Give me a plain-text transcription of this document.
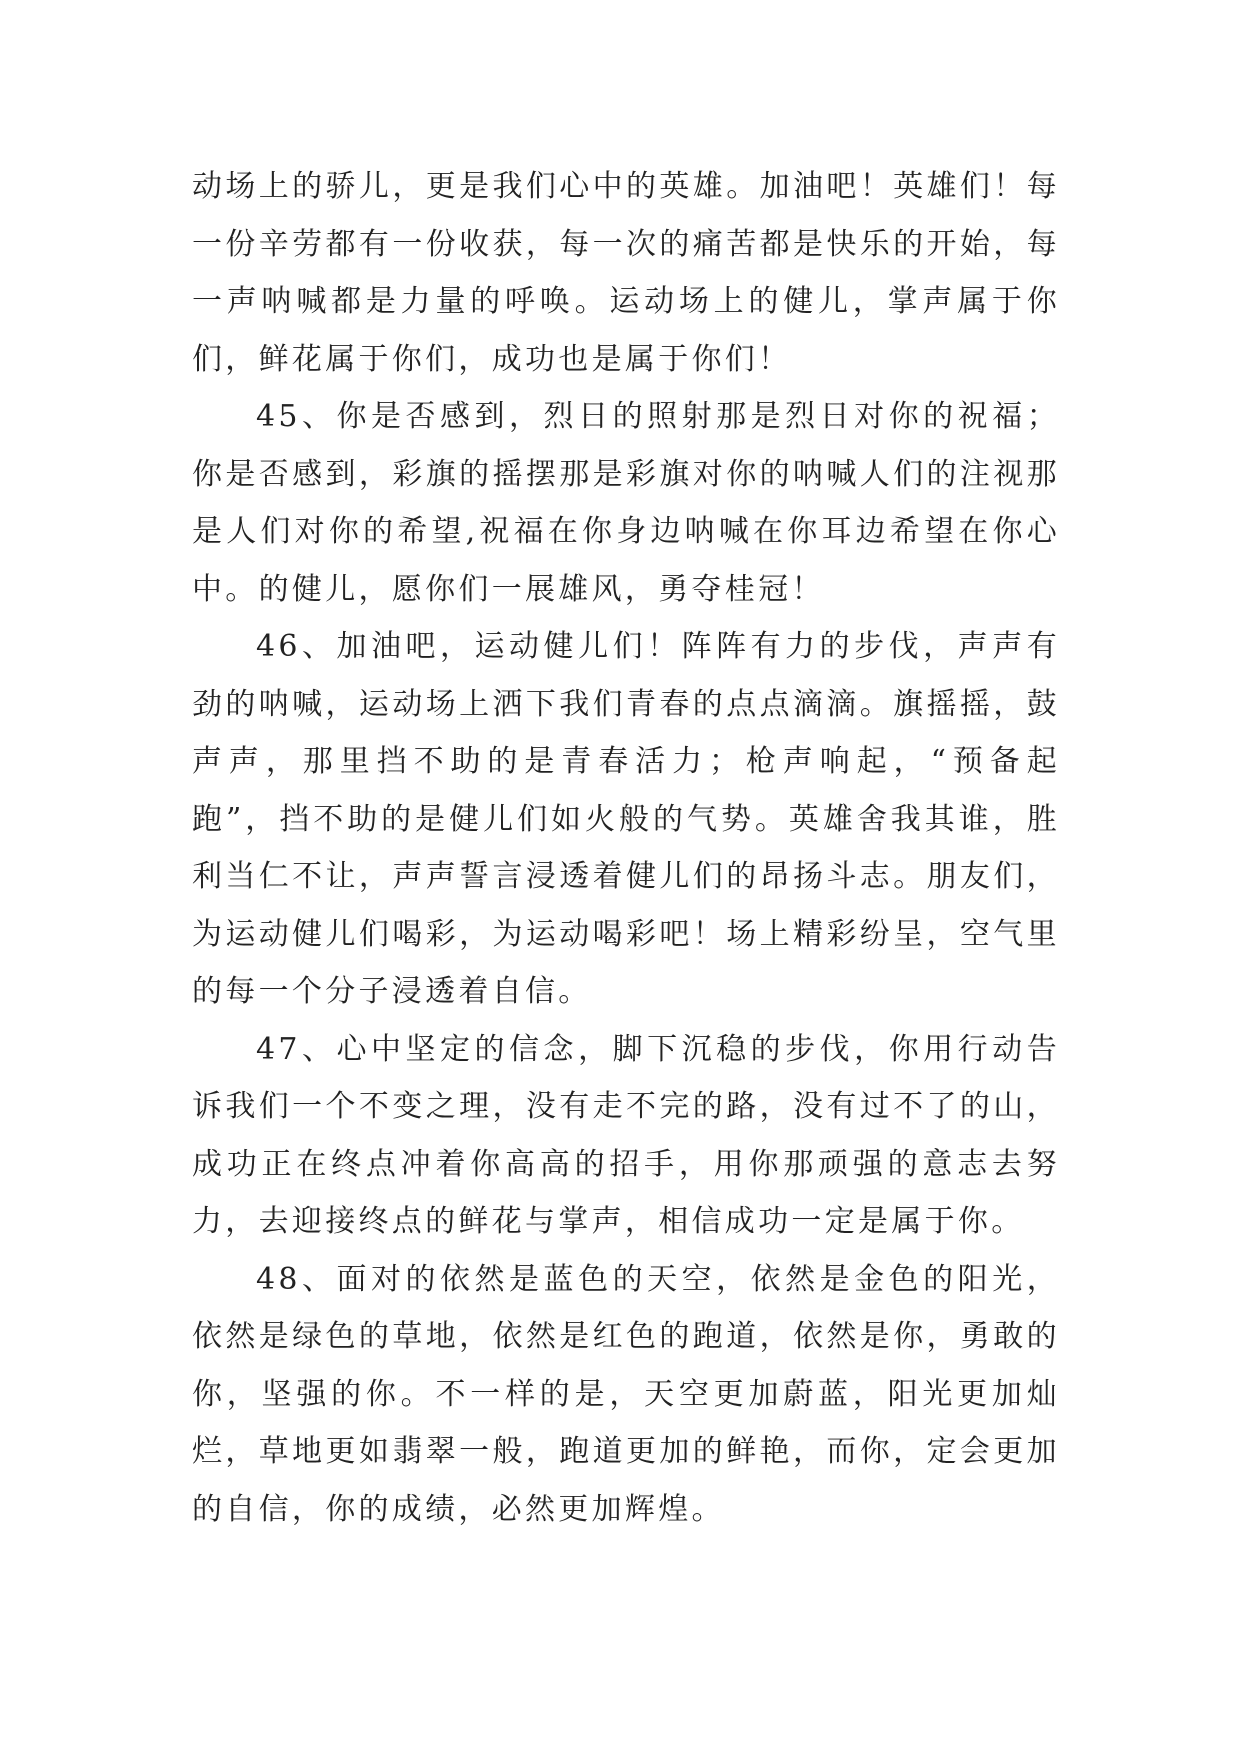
动场上的骄儿，更是我们心中的英雄。加油吧！英雄们！每一份辛劳都有一份收获，每一次的痛苦都是快乐的开始，每一声呐喊都是力量的呼唤。运动场上的健儿，掌声属于你们，鲜花属于你们，成功也是属于你们！

45、你是否感到，烈日的照射那是烈日对你的祝福；你是否感到，彩旗的摇摆那是彩旗对你的呐喊人们的注视那是人们对你的希望,祝福在你身边呐喊在你耳边希望在你心中。的健儿，愿你们一展雄风，勇夺桂冠！

46、加油吧，运动健儿们！阵阵有力的步伐，声声有劲的呐喊，运动场上洒下我们青春的点点滴滴。旗摇摇，鼓声声，那里挡不助的是青春活力；枪声响起，“预备起跑”，挡不助的是健儿们如火般的气势。英雄舍我其谁，胜利当仁不让，声声誓言浸透着健儿们的昂扬斗志。朋友们，为运动健儿们喝彩，为运动喝彩吧！场上精彩纷呈，空气里的每一个分子浸透着自信。

47、心中坚定的信念，脚下沉稳的步伐，你用行动告诉我们一个不变之理，没有走不完的路，没有过不了的山，成功正在终点冲着你高高的招手，用你那顽强的意志去努力，去迎接终点的鲜花与掌声，相信成功一定是属于你。

48、面对的依然是蓝色的天空，依然是金色的阳光，依然是绿色的草地，依然是红色的跑道，依然是你，勇敢的你，坚强的你。不一样的是，天空更加蔚蓝，阳光更加灿烂，草地更如翡翠一般，跑道更加的鲜艳，而你，定会更加的自信，你的成绩，必然更加辉煌。
